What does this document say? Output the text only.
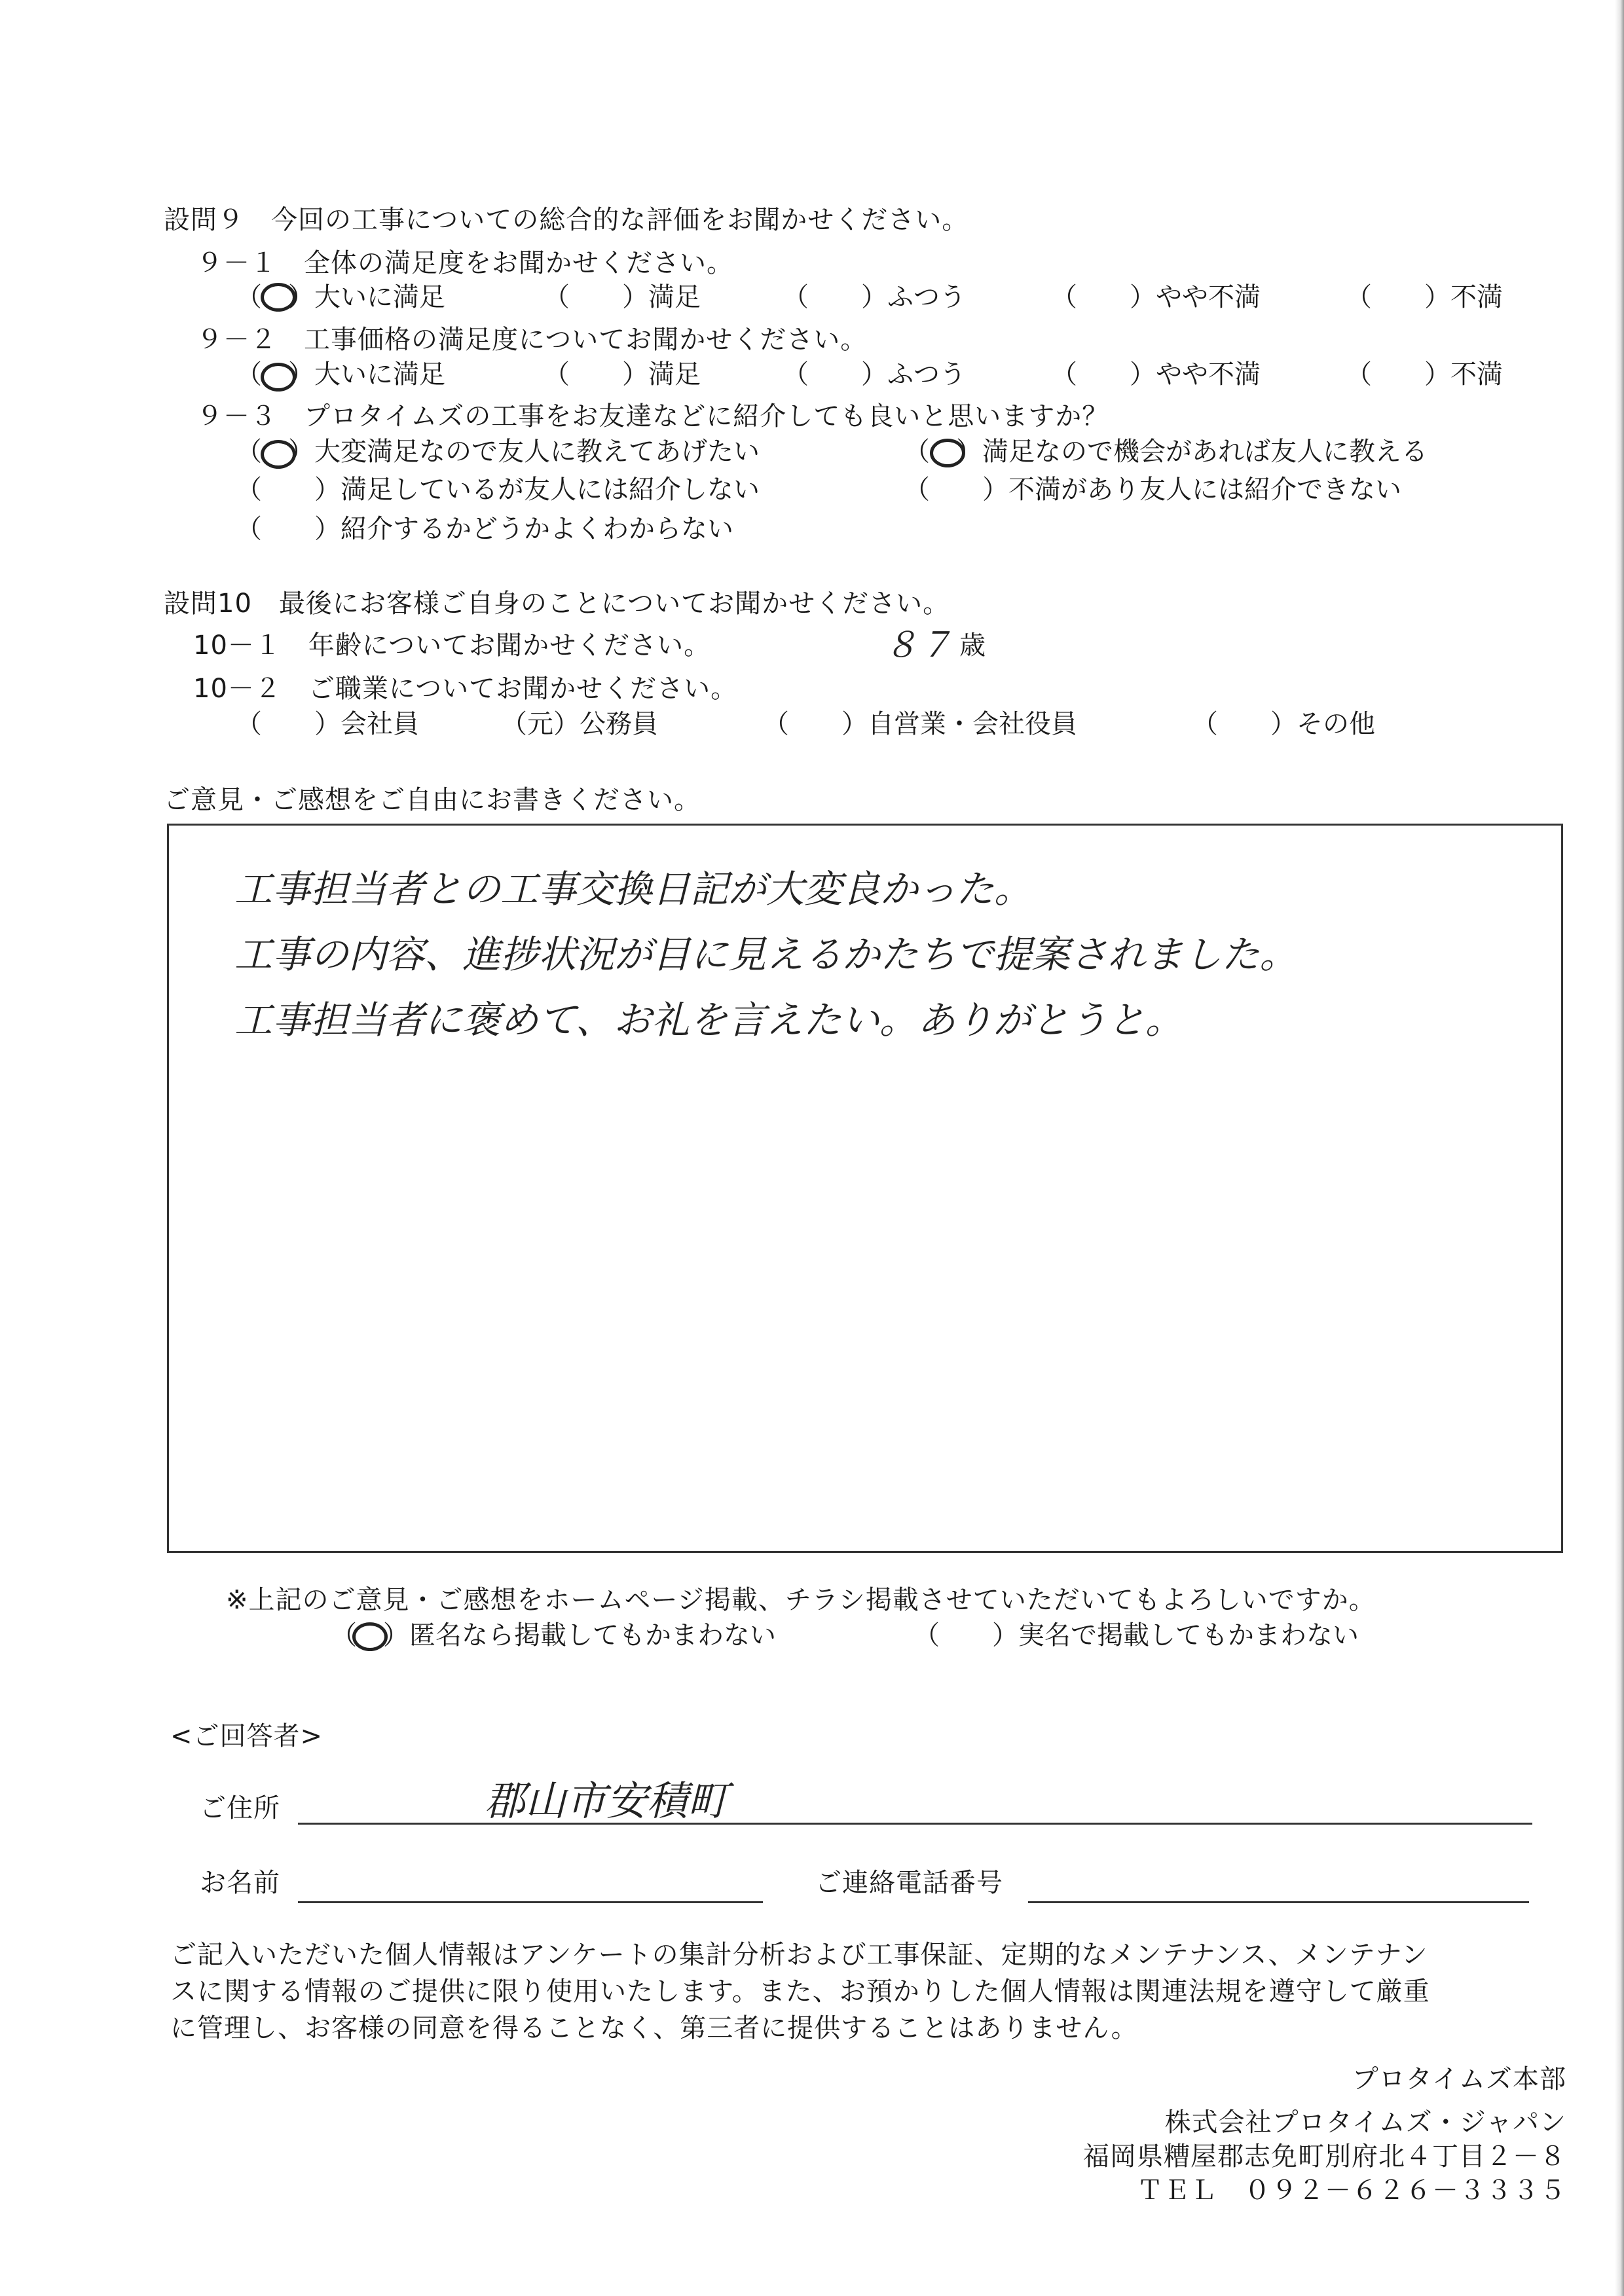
設問９　今回の工事についての総合的な評価をお聞かせください。
９－１　全体の満足度をお聞かせください。
（　）大いに満足	（　　）満足	（　　）ふつう	（　　）やや不満	（　　）不満
９－２　工事価格の満足度についてお聞かせください。
（　）大いに満足	（　　）満足	（　　）ふつう	（　　）やや不満	（　　）不満
９－３　プロタイムズの工事をお友達などに紹介しても良いと思いますか？
（　）大変満足なので友人に教えてあげたい	（　）満足なので機会があれば友人に教える
（　　）満足しているが友人には紹介しない	（　　）不満があり友人には紹介できない
（　　）紹介するかどうかよくわからない
設問10　最後にお客様ご自身のことについてお聞かせください。
10－１　年齢についてお聞かせください。	８７ 歳
10－２　ご職業についてお聞かせください。
（　　）会社員	（元）公務員	（　　）自営業・会社役員	（　　）その他
ご意見・ご感想をご自由にお書きください。
工事担当者との工事交換日記が大変良かった。
工事の内容、進捗状況が目に見えるかたちで提案されました。
工事担当者に褒めて、お礼を言えたい。ありがとうと。
※上記のご意見・ご感想をホームページ掲載、チラシ掲載させていただいてもよろしいですか。
（　）匿名なら掲載してもかまわない	（　　）実名で掲載してもかまわない
<ご回答者>
ご住所	郡山市安積町
お名前	ご連絡電話番号
ご記入いただいた個人情報はアンケートの集計分析および工事保証、定期的なメンテナンス、メンテナン
スに関する情報のご提供に限り使用いたします。また、お預かりした個人情報は関連法規を遵守して厳重
に管理し、お客様の同意を得ることなく、第三者に提供することはありません。
プロタイムズ本部
株式会社プロタイムズ・ジャパン
福岡県糟屋郡志免町別府北４丁目２－８
ＴＥＬ　０９２－６２６－３３３５
